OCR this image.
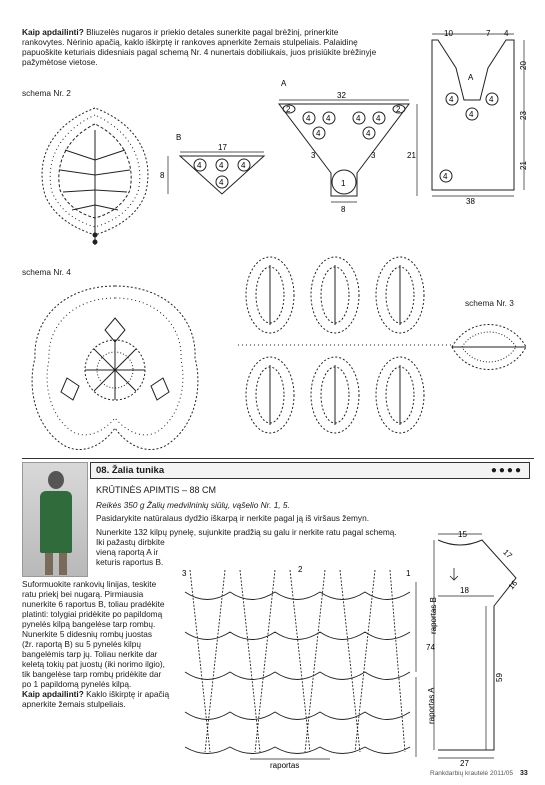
Kaip apdailinti? Bliuzelės nugaros ir priekio detales sunerkite pagal brėžinį, prinerkite
rankovytes. Nėrinio apačią, kaklo iškirptę ir rankoves apnerkite žemais stulpeliais. Palaidinę
papuoškite keturiais didesniais pagal schemą Nr. 4 nunertais dobiliukais, juos prisiūkite brėžinyje
pažymėtose vietose.
schema Nr. 2
B
17
8
4 4 4
4
A
32
1
2	2
4 4	4 4
4	4
3	3	21
8
10	7 4
A
4	4
4
4
20
23
21
38
schema Nr. 4
schema Nr. 3
08. Žalia tunika	●●●●
KRŪTINĖS APIMTIS – 88 CM
Reikės 350 g Žalių medvilninių siūlų, vąšelio Nr. 1, 5.
Pasidarykite natūralaus dydžio iškarpą ir nerkite pagal ją iš viršaus žemyn.
Nunerkite 132 kilpų pynelę, sujunkite pradžią su galu ir nerkite ratu pagal schemą.
Iki pažastų dirbkite
vieną raportą A ir
keturis raportus B.
Suformuokite rankovių linijas, teskite
ratu priekį bei nugarą. Pirmiausia
nunerkite 6 raportus B, toliau pradėkite
platinti: tolygiai pridėkite po papildomą
pynelės kilpą bangelėse tarp rombų.
Nunerkite 5 didesnių rombų juostas
(žr. raportą B) su 5 pynelės kilpų
bangelėmis tarp jų. Toliau nerkite dar
keletą tokių pat juostų (iki norimo ilgio),
tik bangelėse tarp rombų pridėkite dar
po 1 papildomą pynelės kilpą.
Kaip apdailinti? Kaklo iškirptę ir apačią
apnerkite žemais stulpeliais.
3	2	1
raportas
raportas B
raportas A
15
17
16
18
74
59
27
Rankdarbių krautelė 2011/05 33
